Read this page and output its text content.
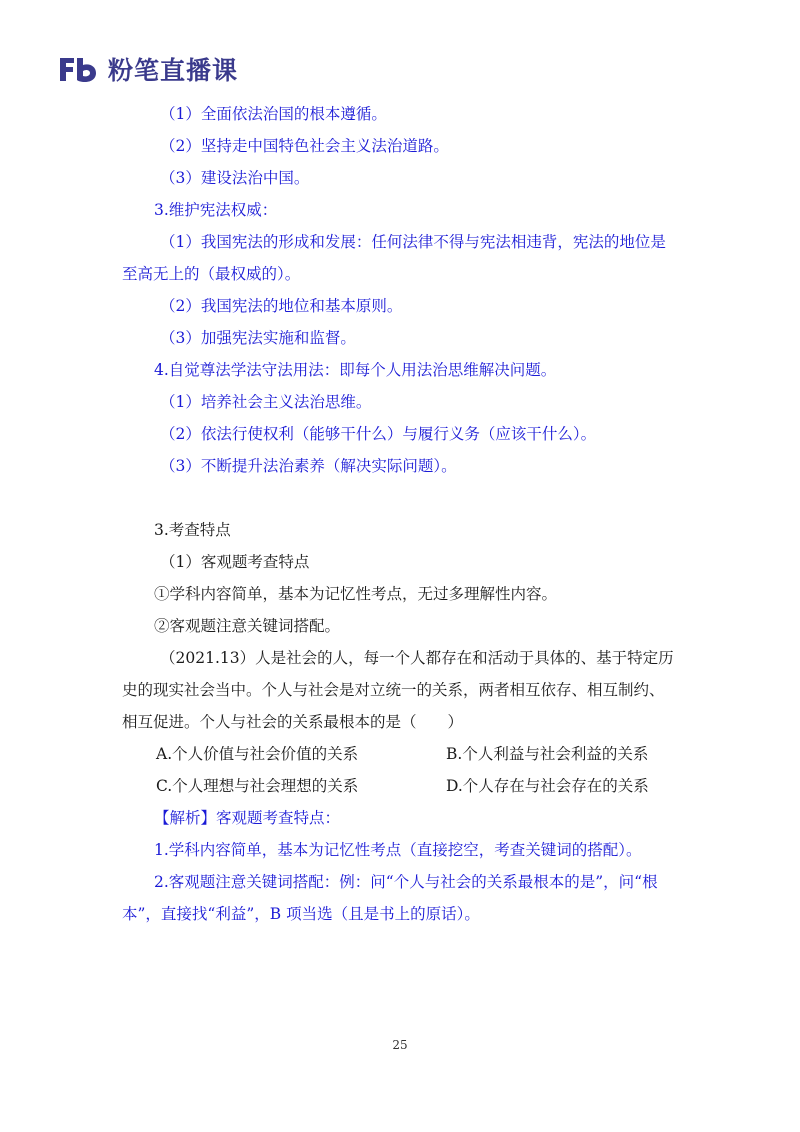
粉笔直播课
（1）全面依法治国的根本遵循。
（2）坚持走中国特色社会主义法治道路。
（3）建设法治中国。
3.维护宪法权威：
（1）我国宪法的形成和发展：任何法律不得与宪法相违背，宪法的地位是
至高无上的（最权威的）。
（2）我国宪法的地位和基本原则。
（3）加强宪法实施和监督。
4.自觉尊法学法守法用法：即每个人用法治思维解决问题。
（1）培养社会主义法治思维。
（2）依法行使权利（能够干什么）与履行义务（应该干什么）。
（3）不断提升法治素养（解决实际问题）。
3.考查特点
（1）客观题考查特点
①学科内容简单，基本为记忆性考点，无过多理解性内容。
②客观题注意关键词搭配。
（2021.13）人是社会的人，每一个人都存在和活动于具体的、基于特定历
史的现实社会当中。个人与社会是对立统一的关系，两者相互依存、相互制约、
相互促进。个人与社会的关系最根本的是（　　）
A.个人价值与社会价值的关系	B.个人利益与社会利益的关系
C.个人理想与社会理想的关系	D.个人存在与社会存在的关系
【解析】客观题考查特点：
1.学科内容简单，基本为记忆性考点（直接挖空，考查关键词的搭配）。
2.客观题注意关键词搭配：例：问“个人与社会的关系最根本的是”，问“根
本”，直接找“利益”，B 项当选（且是书上的原话）。
25
